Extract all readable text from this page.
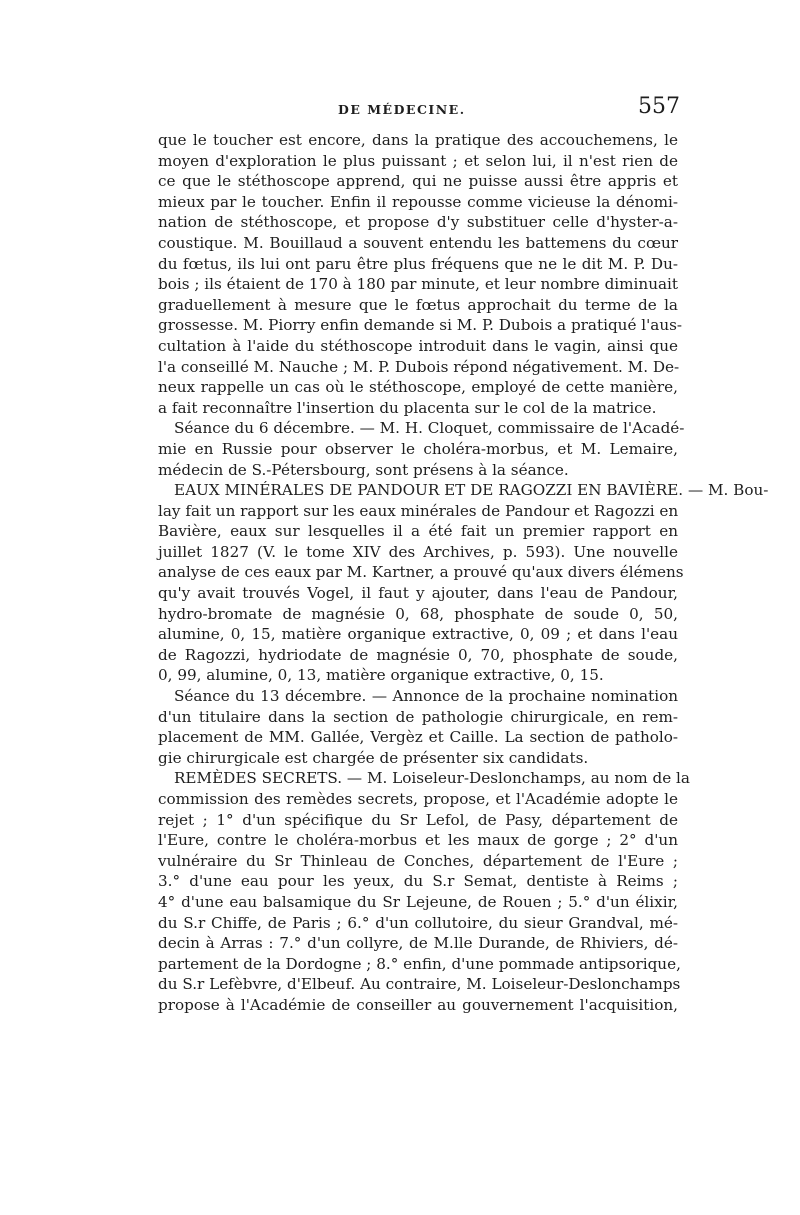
DE MÉDECINE.	557
que le toucher est encore, dans la pratique des accouchemens, le
moyen d'exploration le plus puissant ; et selon lui, il n'est rien de
ce que le stéthoscope apprend, qui ne puisse aussi être appris et
mieux par le toucher. Enfin il repousse comme vicieuse la dénomi-
nation de stéthoscope, et propose d'y substituer celle d'hyster-a-
coustique. M. Bouillaud a souvent entendu les battemens du cœur
du fœtus, ils lui ont paru être plus fréquens que ne le dit M. P. Du-
bois ; ils étaient de 170 à 180 par minute, et leur nombre diminuait
graduellement à mesure que le fœtus approchait du terme de la
grossesse. M. Piorry enfin demande si M. P. Dubois a pratiqué l'aus-
cultation à l'aide du stéthoscope introduit dans le vagin, ainsi que
l'a conseillé M. Nauche ; M. P. Dubois répond négativement. M. De-
neux rappelle un cas où le stéthoscope, employé de cette manière,
a fait reconnaître l'insertion du placenta sur le col de la matrice.
Séance du 6 décembre. — M. H. Cloquet, commissaire de l'Acadé-
mie en Russie pour observer le choléra-morbus, et M. Lemaire,
médecin de S.-Pétersbourg, sont présens à la séance.
EAUX MINÉRALES DE PANDOUR ET DE RAGOZZI EN BAVIÈRE. — M. Bou-
lay fait un rapport sur les eaux minérales de Pandour et Ragozzi en
Bavière, eaux sur lesquelles il a été fait un premier rapport en
juillet 1827 (V. le tome XIV des Archives, p. 593). Une nouvelle
analyse de ces eaux par M. Kartner, a prouvé qu'aux divers élémens
qu'y avait trouvés Vogel, il faut y ajouter, dans l'eau de Pandour,
hydro-bromate de magnésie 0, 68, phosphate de soude 0, 50,
alumine, 0, 15, matière organique extractive, 0, 09 ; et dans l'eau
de Ragozzi, hydriodate de magnésie 0, 70, phosphate de soude,
0, 99, alumine, 0, 13, matière organique extractive, 0, 15.
Séance du 13 décembre. — Annonce de la prochaine nomination
d'un titulaire dans la section de pathologie chirurgicale, en rem-
placement de MM. Gallée, Vergèz et Caille. La section de patholo-
gie chirurgicale est chargée de présenter six candidats.
REMÈDES SECRETS. — M. Loiseleur-Deslonchamps, au nom de la
commission des remèdes secrets, propose, et l'Académie adopte le
rejet ; 1° d'un spécifique du Sr Lefol, de Pasy, département de
l'Eure, contre le choléra-morbus et les maux de gorge ; 2° d'un
vulnéraire du Sr Thinleau de Conches, département de l'Eure ;
3.° d'une eau pour les yeux, du S.r Semat, dentiste à Reims ;
4° d'une eau balsamique du Sr Lejeune, de Rouen ; 5.° d'un élixir,
du S.r Chiffe, de Paris ; 6.° d'un collutoire, du sieur Grandval, mé-
decin à Arras : 7.° d'un collyre, de M.lle Durande, de Rhiviers, dé-
partement de la Dordogne ; 8.° enfin, d'une pommade antipsorique,
du S.r Lefèbvre, d'Elbeuf. Au contraire, M. Loiseleur-Deslonchamps
propose à l'Académie de conseiller au gouvernement l'acquisition,
